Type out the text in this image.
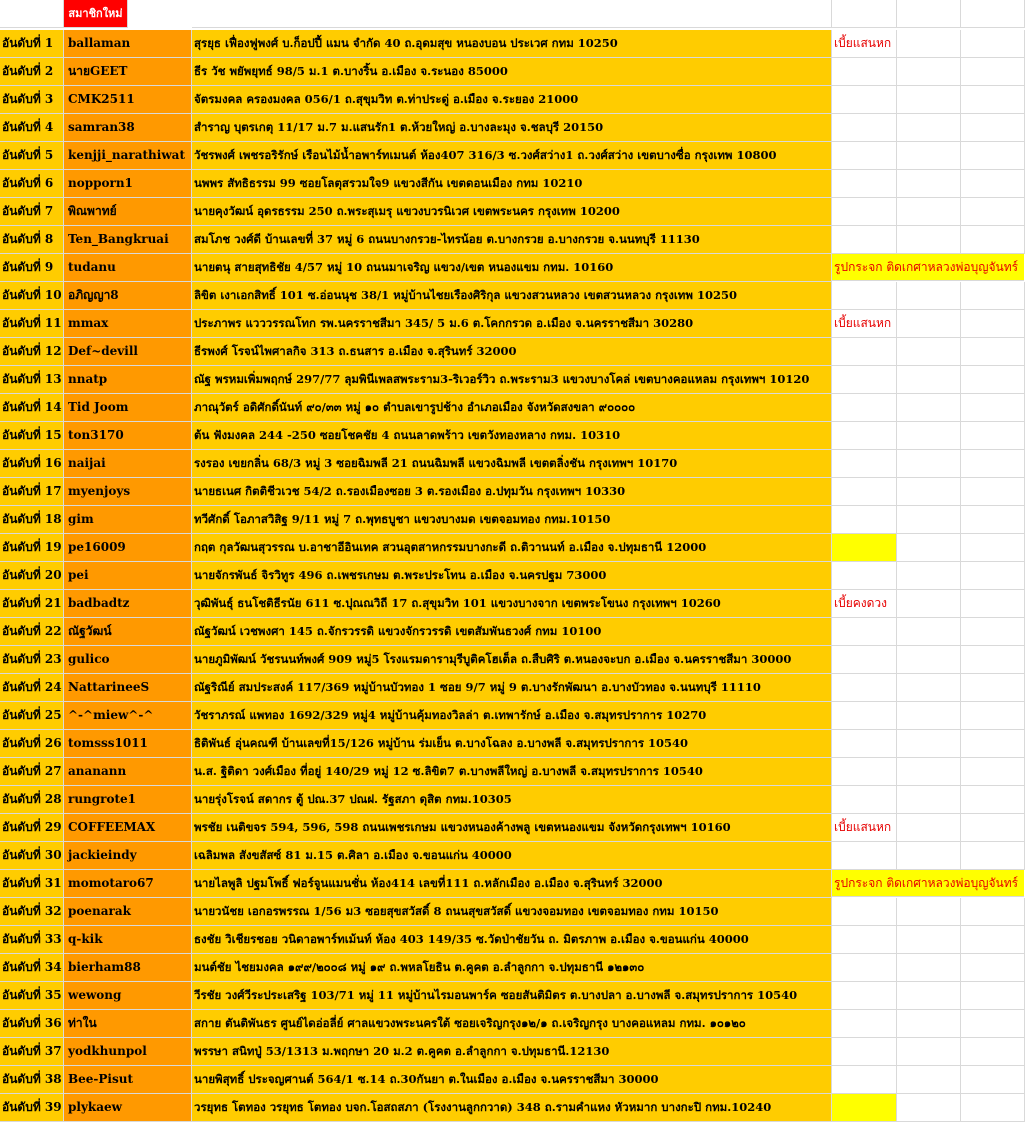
สมาชิกใหม่
อันดับที่ 1	ballaman	สุรยุธ เฟื่องฟูพงศ์ บ.ก็อปปี้ แมน จำกัด 40 ถ.อุดมสุข หนองบอน ประเวศ กทม 10250	เบี้ยแสนหก
อันดับที่ 2	นายGEET	ธีร วัช พยัพยุทธ์ 98/5 ม.1 ต.บางริ้น อ.เมือง จ.ระนอง 85000
อันดับที่ 3	CMK2511	จัตรมงคล ครองมงคล 056/1 ถ.สุขุมวิท ต.ท่าประดู่ อ.เมือง จ.ระยอง 21000
อันดับที่ 4	samran38	สำราญ บุตรเกตุ 11/17 ม.7 ม.แสนรัก1 ต.ห้วยใหญ่ อ.บางละมุง จ.ชลบุรี 20150
อันดับที่ 5	kenjji_narathiwat วัชรพงศ์ เพชรอริรักษ์ เรือนไม้น้ำอพาร์ทเมนต์ ห้อง407 316/3 ซ.วงศ์สว่าง1 ถ.วงศ์สว่าง เขตบางซื่อ กรุงเทพ 10800
อันดับที่ 6	nopporn1	นพพร สัทธิธรรม 99 ซอยโลตุสรวมใจ9 แขวงสีกัน เขตดอนเมือง กทม 10210
อันดับที่ 7	พิณพาทย์	นายคุงวัฒน์ อุดรธรรม 250 ถ.พระสุเมรุ แขวงบวรนิเวศ เขตพระนคร กรุงเทพ 10200
อันดับที่ 8	Ten_Bangkruai	สมโภช วงศ์ดี บ้านเลขที่ 37 หมู่ 6 ถนนบางกรวย-ไทรน้อย ต.บางกรวย อ.บางกรวย จ.นนทบุรี 11130
อันดับที่ 9	tudanu	นายตนุ สายสุทธิชัย 4/57 หมู่ 10 ถนนมาเจริญ แขวง/เขต หนองแขม กทม. 10160	รูปกระจก ติดเกศาหลวงพ่อบุญจันทร์
อันดับที่ 10 อภิญญา8	ลิขิต เงาเอกสิทธิ์ 101 ซ.อ่อนนุช 38/1 หมู่บ้านไชยเรืองศิริกุล แขวงสวนหลวง เขตสวนหลวง กรุงเทพ 10250
อันดับที่ 11 mmax	ประภาพร แวววรรณโทก รพ.นครราชสีมา 345/ 5 ม.6 ต.โคกกรวด อ.เมือง จ.นครราชสีมา 30280	เบี้ยแสนหก
อันดับที่ 12 Def~devill	ธีรพงศ์ โรจน์ไพศาลกิจ 313 ถ.ธนสาร อ.เมือง จ.สุรินทร์ 32000
อันดับที่ 13 nnatp	ณัฐ พรหมเพิ่มพฤกษ์ 297/77 ลุมพินีเพลสพระราม3-ริเวอร์วิว ถ.พระราม3 แขวงบางโคล่ เขตบางคอแหลม กรุงเทพฯ 10120
อันดับที่ 14 Tid Joom	ภาณุวัตร์ อดิศักดิ์นันท์ ๙๐/๓๓ หมู่ ๑๐ ตำบลเขารูปช้าง อำเภอเมือง จังหวัดสงขลา ๙๐๐๐๐
อันดับที่ 15 ton3170	ต้น ฟังมงคล 244 -250 ซอยโชคชัย 4 ถนนลาดพร้าว เขตวังทองหลาง กทม. 10310
อันดับที่ 16 naijai	รงรอง เขยกลิ่น 68/3 หมู่ 3 ซอยฉิมพลี 21 ถนนฉิมพลี แขวงฉิมพลี เขตตลิ่งชัน กรุงเทพฯ 10170
อันดับที่ 17 myenjoys	นายธเนศ กิตติชีวเวช 54/2 ถ.รองเมืองซอย 3 ต.รองเมือง อ.ปทุมวัน กรุงเทพฯ 10330
อันดับที่ 18 gim	ทวีศักดิ์ โอภาสวิสิฐ 9/11 หมู่ 7 ถ.พุทธบูชา แขวงบางมด เขตจอมทอง กทม.10150
อันดับที่ 19 pe16009	กฤต กุลวัฒนสุวรรณ บ.อาชาอีอินเทค สวนอุตสาหกรรมบางกะดี ถ.ติวานนท์ อ.เมือง จ.ปทุมธานี 12000
อันดับที่ 20 pei	นายจักรพันธ์ จิรวิทูร 496 ถ.เพชรเกษม ต.พระประโทน อ.เมือง จ.นครปฐม 73000
อันดับที่ 21 badbadtz	วุฒิพันธุ์ ธนโชติธีรนัย 611 ซ.ปุณณวิถี 17 ถ.สุขุมวิท 101 แขวงบางจาก เขตพระโขนง กรุงเทพฯ 10260	เบี้ยคงดวง
อันดับที่ 22 ณัฐวัฒน์	ณัฐวัฒน์ เวชพงศา 145 ถ.จักรวรรดิ แขวงจักรวรรดิ เขตสัมพันธวงศ์ กทม 10100
อันดับที่ 23 gulico	นายภูมิพัฒน์ วัชรนนท์พงศ์ 909 หมู่5 โรงแรมดารามุรีบูติคโฮเต็ล ถ.สืบศิริ ต.หนองจะบก อ.เมือง จ.นครราชสีมา 30000
อันดับที่ 24 NattarineeS	ณัฐริณีย์ สมประสงค์ 117/369 หมู่บ้านบัวทอง 1 ซอย 9/7 หมู่ 9 ต.บางรักพัฒนา อ.บางบัวทอง จ.นนทบุรี 11110
อันดับที่ 25 ^-^miew^-^	วัชราภรณ์ แพทอง 1692/329 หมู่4 หมู่บ้านคุ้มทองวิลล่า ต.เทพารักษ์ อ.เมือง จ.สมุทรปราการ 10270
อันดับที่ 26 tomsss1011	ธิติพันธ์ อุ่นคณฑี บ้านเลขที่15/126 หมู่บ้าน ร่มเย็น ต.บางโฉลง อ.บางพลี จ.สมุทรปราการ 10540
อันดับที่ 27 ananann	น.ส. ฐิติดา วงศ์เมือง ที่อยู่ 140/29 หมู่ 12 ซ.ลิขิต7 ต.บางพลีใหญ่ อ.บางพลี จ.สมุทรปราการ 10540
อันดับที่ 28 rungrote1	นายรุ่งโรจน์ สดากร ตู้ ปณ.37 ปณฝ. รัฐสภา ดุสิต กทม.10305
อันดับที่ 29 COFFEEMAX	พรชัย เนติขจร 594, 596, 598 ถนนเพชรเกษม แขวงหนองค้างพลู เขตหนองแขม จังหวัดกรุงเทพฯ 10160	เบี้ยแสนหก
อันดับที่ 30 jackieindy	เฉลิมพล สังขสัสซ์ 81 ม.15 ต.ศิลา อ.เมือง จ.ขอนแก่น 40000
อันดับที่ 31 momotaro67	นายไลพูลิ ปฐมโพธิ์ ฟอร์จูนแมนชั่น ห้อง414 เลขที่111 ถ.หลักเมือง อ.เมือง จ.สุรินทร์ 32000	รูปกระจก ติดเกศาหลวงพ่อบุญจันทร์
อันดับที่ 32 poenarak	นายวนัชย เอกอรพรรณ 1/56 ม3 ซอยสุขสวัสดิ์ 8 ถนนสุขสวัสดิ์ แขวงจอมทอง เขตจอมทอง กทม 10150
อันดับที่ 33 q-kik	ธงชัย วิเชียรชอย วนิดาอพาร์ทเม้นท์ ห้อง 403 149/35 ซ.วัดป่าชัยวัน ถ. มิตรภาพ อ.เมือง จ.ขอนแก่น 40000
อันดับที่ 34 bierham88	มนต์ชัย ไชยมงคล ๑๙๙/๒๐๐๘ หมู่ ๑๙ ถ.พหลโยธิน ต.คูคต อ.ลำลูกกา จ.ปทุมธานี ๑๒๑๓๐
อันดับที่ 35 wewong	วีรชัย วงศ์วีระประเสริฐ 103/71 หมู่ 11 หมู่บ้านไรมอนพาร์ค ซอยสันติมิตร ต.บางปลา อ.บางพลี จ.สมุทรปราการ 10540
อันดับที่ 36 ท่าใน	สกาย ตันติพันธร ศูนย์ไดอ่อลี่ย์ ศาลแขวงพระนครใต้ ซอยเจริญกรุง๑๒/๑ ถ.เจริญกรุง บางคอแหลม กทม. ๑๐๑๒๐
อันดับที่ 37 yodkhunpol	พรรษา สนิทปู่ 53/1313 ม.พฤกษา 20 ม.2 ต.คูคต อ.ลำลูกกา จ.ปทุมธานี.12130
อันดับที่ 38 Bee-Pisut	นายพิสุทธิ์ ประจญศานต์ 564/1 ซ.14 ถ.30กันยา ต.ในเมือง อ.เมือง จ.นครราชสีมา 30000
อันดับที่ 39 plykaew	วรยุทธ โตทอง วรยุทธ โตทอง บจก.โอสถสภา (โรงงานลูกกวาด) 348 ถ.รามคำแหง หัวหมาก บางกะปิ กทม.10240
